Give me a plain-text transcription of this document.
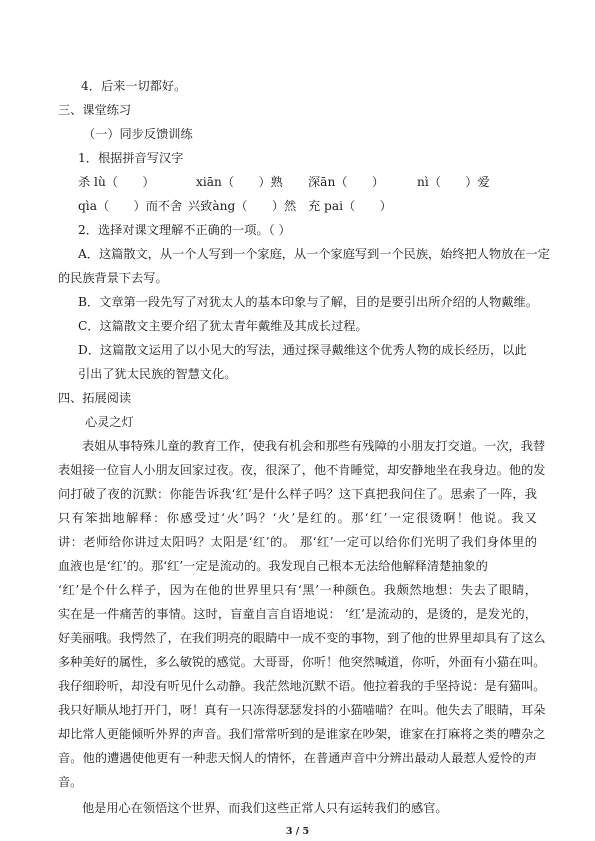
4．后来一切都好。
三、课堂练习
（一）同步反馈训练
1．根据拼音写汉字
杀 lù（　　）	xiān（　　）熟	深ān（　　）	nì（　　）爱
qìa（　　）而不舍 兴致àng（　　）然 充 pai（　　）
2．选择对课文理解不正确的一项。（ ）
A．这篇散文，从一个人写到一个家庭，从一个家庭写到一个民族，始终把人物放在一定
的民族背景下去写。
B．文章第一段先写了对犹太人的基本印象与了解，目的是要引出所介绍的人物戴维。
C．这篇散文主要介绍了犹太青年戴维及其成长过程。
D．这篇散文运用了以小见大的写法，通过探寻戴维这个优秀人物的成长经历，以此
引出了犹太民族的智慧文化。
四、拓展阅读
心灵之灯
表姐从事特殊儿童的教育工作，使我有机会和那些有残障的小朋友打交道。一次，我替
表姐接一位盲人小朋友回家过夜。夜，很深了，他不肯睡觉，却安静地坐在我身边。他的发
问打破了夜的沉默：你能告诉我‘红’是什么样子吗？这下真把我问住了。思索了一阵，我
只有笨拙地解释：你感受过‘火’吗？‘火’是红的。那‘红’一定很烫啊！他说。我又
讲：老师给你讲过太阳吗？太阳是‘红’的。 那‘红’一定可以给你们光明了我们身体里的
血液也是‘红’的。那‘红’一定是流动的。我发现自己根本无法给他解释清楚抽象的
‘红’是个什么样子，因为在他的世界里只有‘黑’一种颜色。我颇然地想：失去了眼睛，
实在是一件痛苦的事情。这时，盲童自言自语地说： ‘红’是流动的，是烫的，是发光的，
好美丽哦。我愕然了，在我们明亮的眼睛中一成不变的事物，到了他的世界里却具有了这么
多种美好的属性，多么敏锐的感觉。大哥哥，你听！他突然喊道，你听，外面有小猫在叫。
我仔细聆听，却没有听见什么动静。我茫然地沉默不语。他拉着我的手坚持说：是有猫叫。
我只好顺从地打开门，呀！真有一只冻得瑟瑟发抖的小猫喵喵？在叫。他失去了眼睛，耳朵
却比常人更能倾听外界的声音。我们常常听到的是谁家在吵架，谁家在打麻将之类的嘈杂之
音。他的遭遇使他更有一种悲天悯人的情怀，在普通声音中分辨出最动人最惹人爱怜的声
音。
他是用心在领悟这个世界，而我们这些正常人只有运转我们的感官。
3 / 5
